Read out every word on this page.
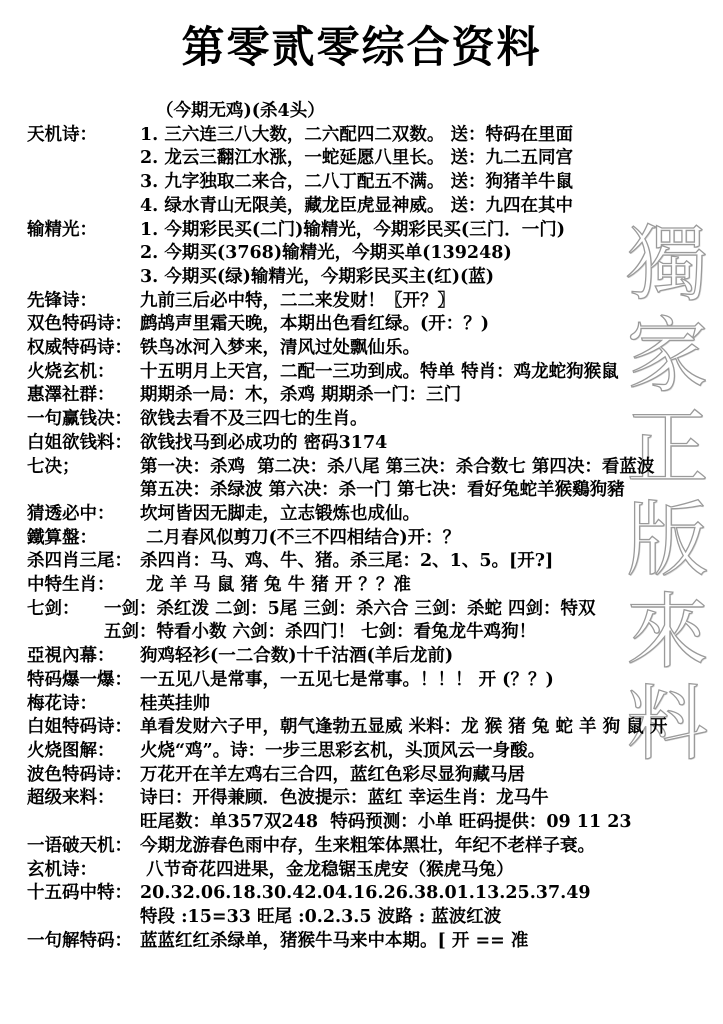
第零贰零综合资料
獨家正版來料
（今期无鸡)(杀4头）
天机诗：	1. 三六连三八大数，二六配四二双数。 送：特码在里面
2. 龙云三翻江水涨，一蛇延愿八里长。 送：九二五同宫
3. 九字独取二来合，二八丁配五不满。 送：狗猪羊牛鼠
4. 绿水青山无限美，藏龙臣虎显神威。 送：九四在其中
输精光：	1. 今期彩民买(二门)输精光，今期彩民买(三门．一门)
2. 今期买(3768)输精光，今期买单(139248)
3. 今期买(绿)输精光，今期彩民买主(红)(蓝)
先锋诗：	九前三后必中特，二二来发财！〖开？〗
双色特码诗： 鹧鸪声里霜天晚，本期出色看红绿。(开：？)
权威特码诗： 铁鸟冰河入梦来，清风过处飘仙乐。
火烧玄机：	十五明月上天宫，二配一三功到成。特单 特肖：鸡龙蛇狗猴鼠
惠澤社群：	期期杀一局：木，杀鸡 期期杀一门：三门
一句赢钱决： 欲钱去看不及三四七的生肖。
白姐欲钱料： 欲钱找马到必成功的 密码3174
七决；	第一决：杀鸡  第二决：杀八尾 第三决：杀合数七 第四决：看蓝波
第五决：杀绿波 第六决：杀一门 第七决：看好兔蛇羊猴鷄狗豬
猜透必中：	坎坷皆因无脚走，立志锻炼也成仙。
鐵算盤：	二月春风似剪刀(不三不四相结合)开：？
杀四肖三尾： 杀四肖：马、鸡、牛、猪。杀三尾：2、1、5。[开?]
中特生肖：	龙 羊 马 鼠 猪 兔 牛 猪 开 ？？准
七剑：	一剑：杀红泼 二剑：5尾 三剑：杀六合 三剑：杀蛇 四剑：特双
五剑：特看小数 六剑：杀四门！ 七剑：看兔龙牛鸡狗！
亞視內幕：	狗鸡轻衫(一二合数)十千沽酒(羊后龙前)
特码爆一爆： 一五见八是常事，一五见七是常事。！！！ 开 (？？)
梅花诗：	桂英挂帅
白姐特码诗： 单看发财六子甲，朝气逢勃五显威 米料：龙 猴 猪 兔 蛇 羊 狗 鼠 开
火烧图解：	火烧“鸡”。诗：一步三思彩玄机，头顶风云一身酸。
波色特码诗： 万花开在羊左鸡右三合四，蓝红色彩尽显狗藏马居
超级来料：	诗曰：开得兼顾．色波提示：蓝红 幸运生肖：龙马牛
旺尾数：单357双248  特码预测：小单 旺码提供：09 11 23
一语破天机： 今期龙游春色雨中存，生来粗笨体黑壮，年纪不老样子衰。
玄机诗：	八节奇花四进果，金龙稳锯玉虎安（猴虎马兔）
十五码中特： 20.32.06.18.30.42.04.16.26.38.01.13.25.37.49
特段 :15=33 旺尾 :0.2.3.5 波路 : 蓝波红波
一句解特码： 蓝蓝红红杀绿单，猪猴牛马来中本期。[ 开 == 准
